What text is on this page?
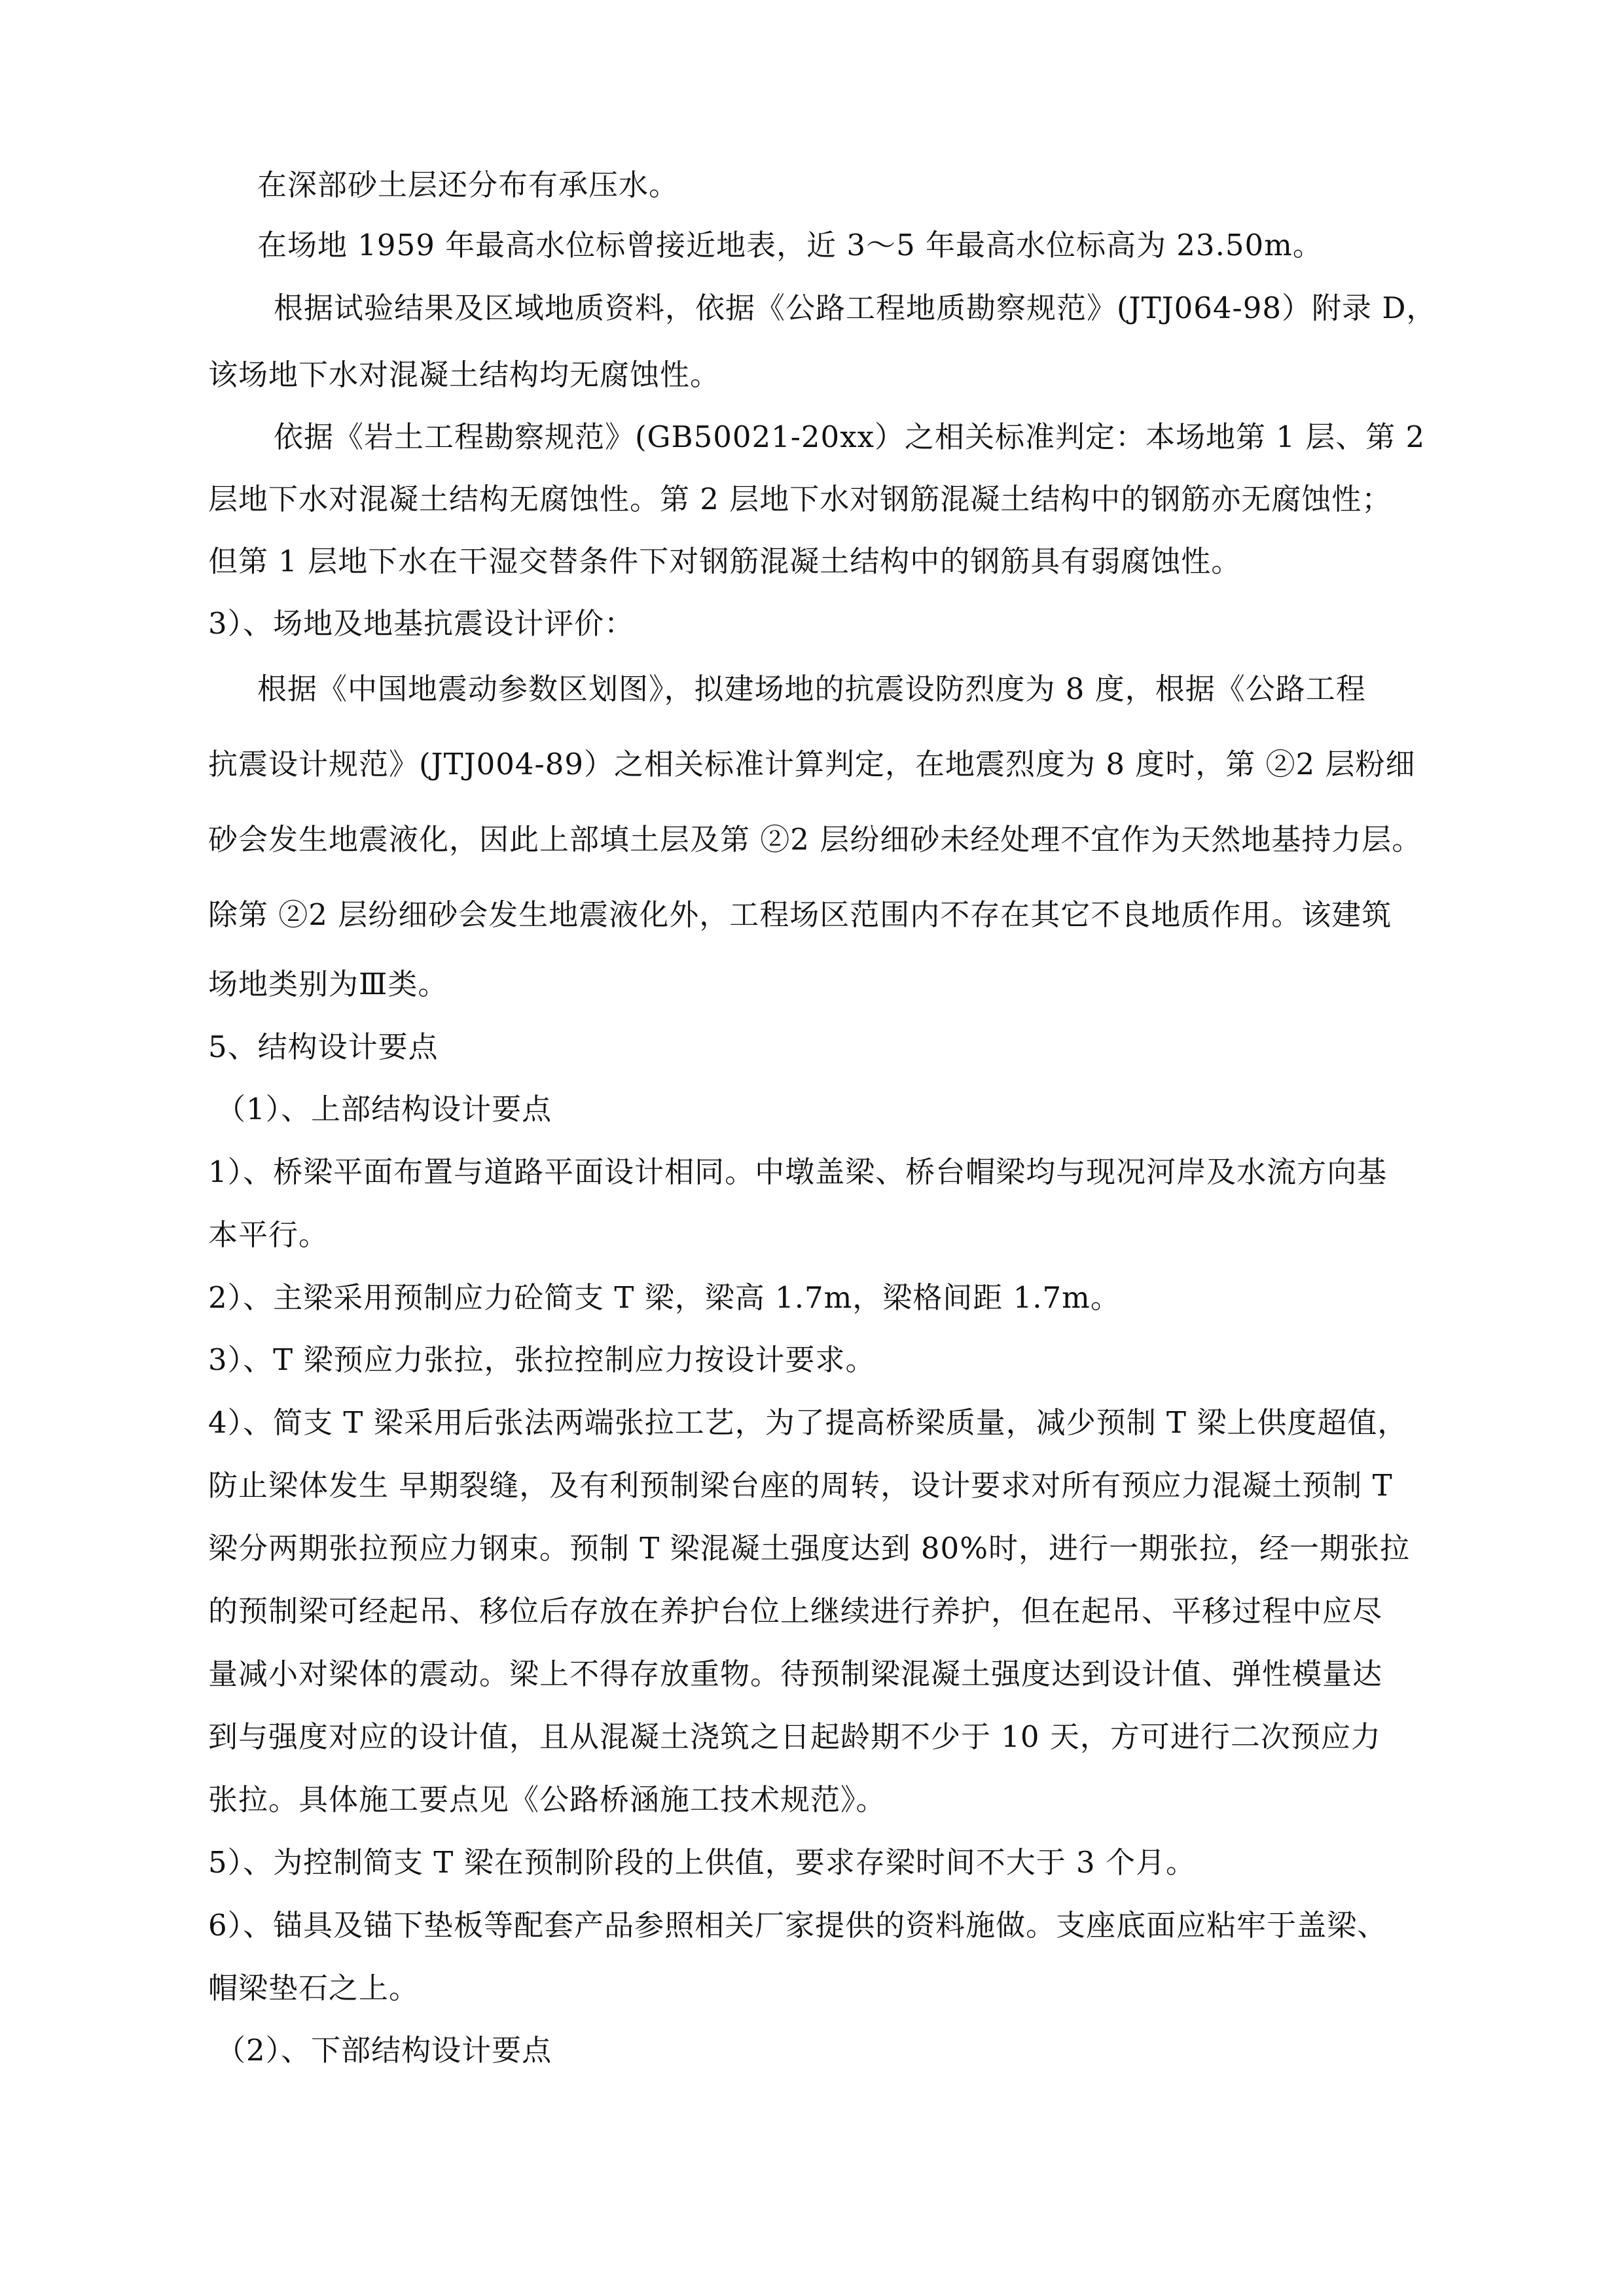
在深部砂土层还分布有承压水。
在场地 1959 年最高水位标曾接近地表，近 3～5 年最高水位标高为 23.50m。
根据试验结果及区域地质资料，依据《公路工程地质勘察规范》(JTJ064-98）附录 D，
该场地下水对混凝土结构均无腐蚀性。
依据《岩土工程勘察规范》(GB50021-20xx）之相关标准判定：本场地第 1 层、第 2
层地下水对混凝土结构无腐蚀性。第 2 层地下水对钢筋混凝土结构中的钢筋亦无腐蚀性；
但第 1 层地下水在干湿交替条件下对钢筋混凝土结构中的钢筋具有弱腐蚀性。
3）、场地及地基抗震设计评价：
根据《中国地震动参数区划图》，拟建场地的抗震设防烈度为 8 度，根据《公路工程
抗震设计规范》(JTJ004-89）之相关标准计算判定，在地震烈度为 8 度时，第 ②2 层粉细
砂会发生地震液化，因此上部填土层及第 ②2 层纷细砂未经处理不宜作为天然地基持力层。
除第 ②2 层纷细砂会发生地震液化外，工程场区范围内不存在其它不良地质作用。该建筑
场地类别为Ⅲ类。
5、结构设计要点
（1）、上部结构设计要点
1）、桥梁平面布置与道路平面设计相同。中墩盖梁、桥台帽梁均与现况河岸及水流方向基
本平行。
2）、主梁采用预制应力砼简支 T 梁，梁高 1.7m，梁格间距 1.7m。
3）、T 梁预应力张拉，张拉控制应力按设计要求。
4）、简支 T 梁采用后张法两端张拉工艺，为了提高桥梁质量，减少预制 T 梁上供度超值，
防止梁体发生 早期裂缝，及有利预制梁台座的周转，设计要求对所有预应力混凝土预制 T
梁分两期张拉预应力钢束。预制 T 梁混凝土强度达到 80%时，进行一期张拉，经一期张拉
的预制梁可经起吊、移位后存放在养护台位上继续进行养护，但在起吊、平移过程中应尽
量减小对梁体的震动。梁上不得存放重物。待预制梁混凝土强度达到设计值、弹性模量达
到与强度对应的设计值，且从混凝土浇筑之日起龄期不少于 10 天，方可进行二次预应力
张拉。具体施工要点见《公路桥涵施工技术规范》。
5）、为控制简支 T 梁在预制阶段的上供值，要求存梁时间不大于 3 个月。
6）、锚具及锚下垫板等配套产品参照相关厂家提供的资料施做。支座底面应粘牢于盖梁、
帽梁垫石之上。
（2）、下部结构设计要点
